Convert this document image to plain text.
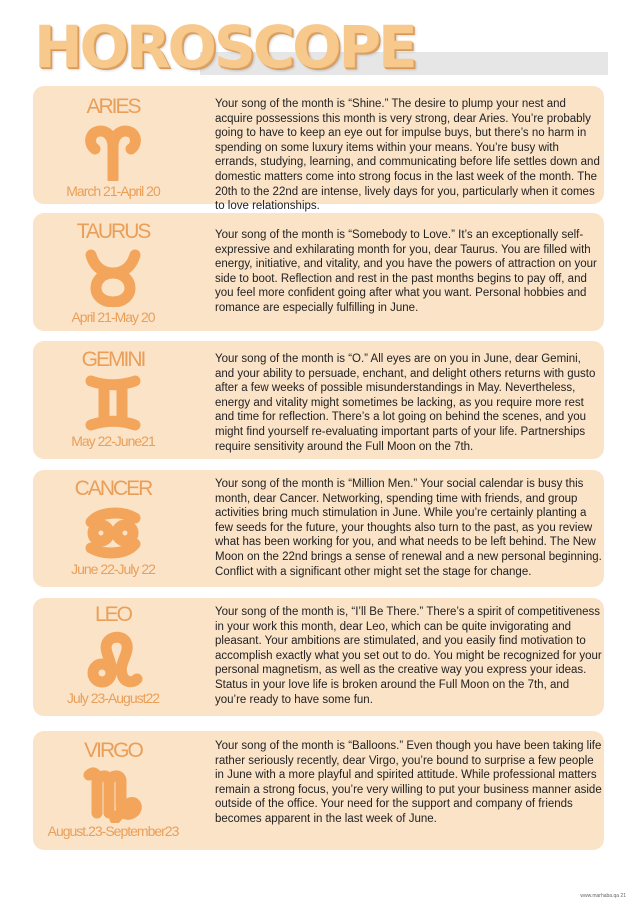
HOROSCOPE
ARIES
March 21-April 20
Your song of the month is “Shine.” The desire to plump your nest and acquire possessions this month is very strong, dear Aries. You’re probably going to have to keep an eye out for impulse buys, but there’s no harm in spending on some luxury items within your means. You’re busy with errands, studying, learning, and communicating before life settles down and domestic matters come into strong focus in the last week of the month. The 20th to the 22nd are intense, lively days for you, particularly when it comes to love relationships.
TAURUS
April 21-May 20
Your song of the month is “Somebody to Love.” It’s an exceptionally self-expressive and exhilarating month for you, dear Taurus. You are filled with energy, initiative, and vitality, and you have the powers of attraction on your side to boot. Reflection and rest in the past months begins to pay off, and you feel more confident going after what you want. Personal hobbies and romance are especially fulfilling in June.
GEMINI
May 22-June21
Your song of the month is “O.” All eyes are on you in June, dear Gemini, and your ability to persuade, enchant, and delight others returns with gusto after a few weeks of possible misunderstandings in May. Nevertheless, energy and vitality might sometimes be lacking, as you require more rest and time for reflection. There’s a lot going on behind the scenes, and you might find yourself re-evaluating important parts of your life. Partnerships require sensitivity around the Full Moon on the 7th.
CANCER
June 22-July 22
Your song of the month is “Million Men.” Your social calendar is busy this month, dear Cancer. Networking, spending time with friends, and group activities bring much stimulation in June. While you’re certainly planting a few seeds for the future, your thoughts also turn to the past, as you review what has been working for you, and what needs to be left behind. The New Moon on the 22nd brings a sense of renewal and a new personal beginning. Conflict with a significant other might set the stage for change.
LEO
July 23-August22
Your song of the month is, “I’ll Be There.” There’s a spirit of competitiveness in your work this month, dear Leo, which can be quite invigorating and pleasant. Your ambitions are stimulated, and you easily find motivation to accomplish exactly what you set out to do. You might be recognized for your personal magnetism, as well as the creative way you express your ideas. Status in your love life is broken around the Full Moon on the 7th, and you’re ready to have some fun.
VIRGO
August.23-September23
Your song of the month is “Balloons.” Even though you have been taking life rather seriously recently, dear Virgo, you’re bound to surprise a few people in June with a more playful and spirited attitude. While professional matters remain a strong focus, you’re very willing to put your business manner aside outside of the office. Your need for the support and company of friends becomes apparent in the last week of June.
www.marhaba.qa 21
